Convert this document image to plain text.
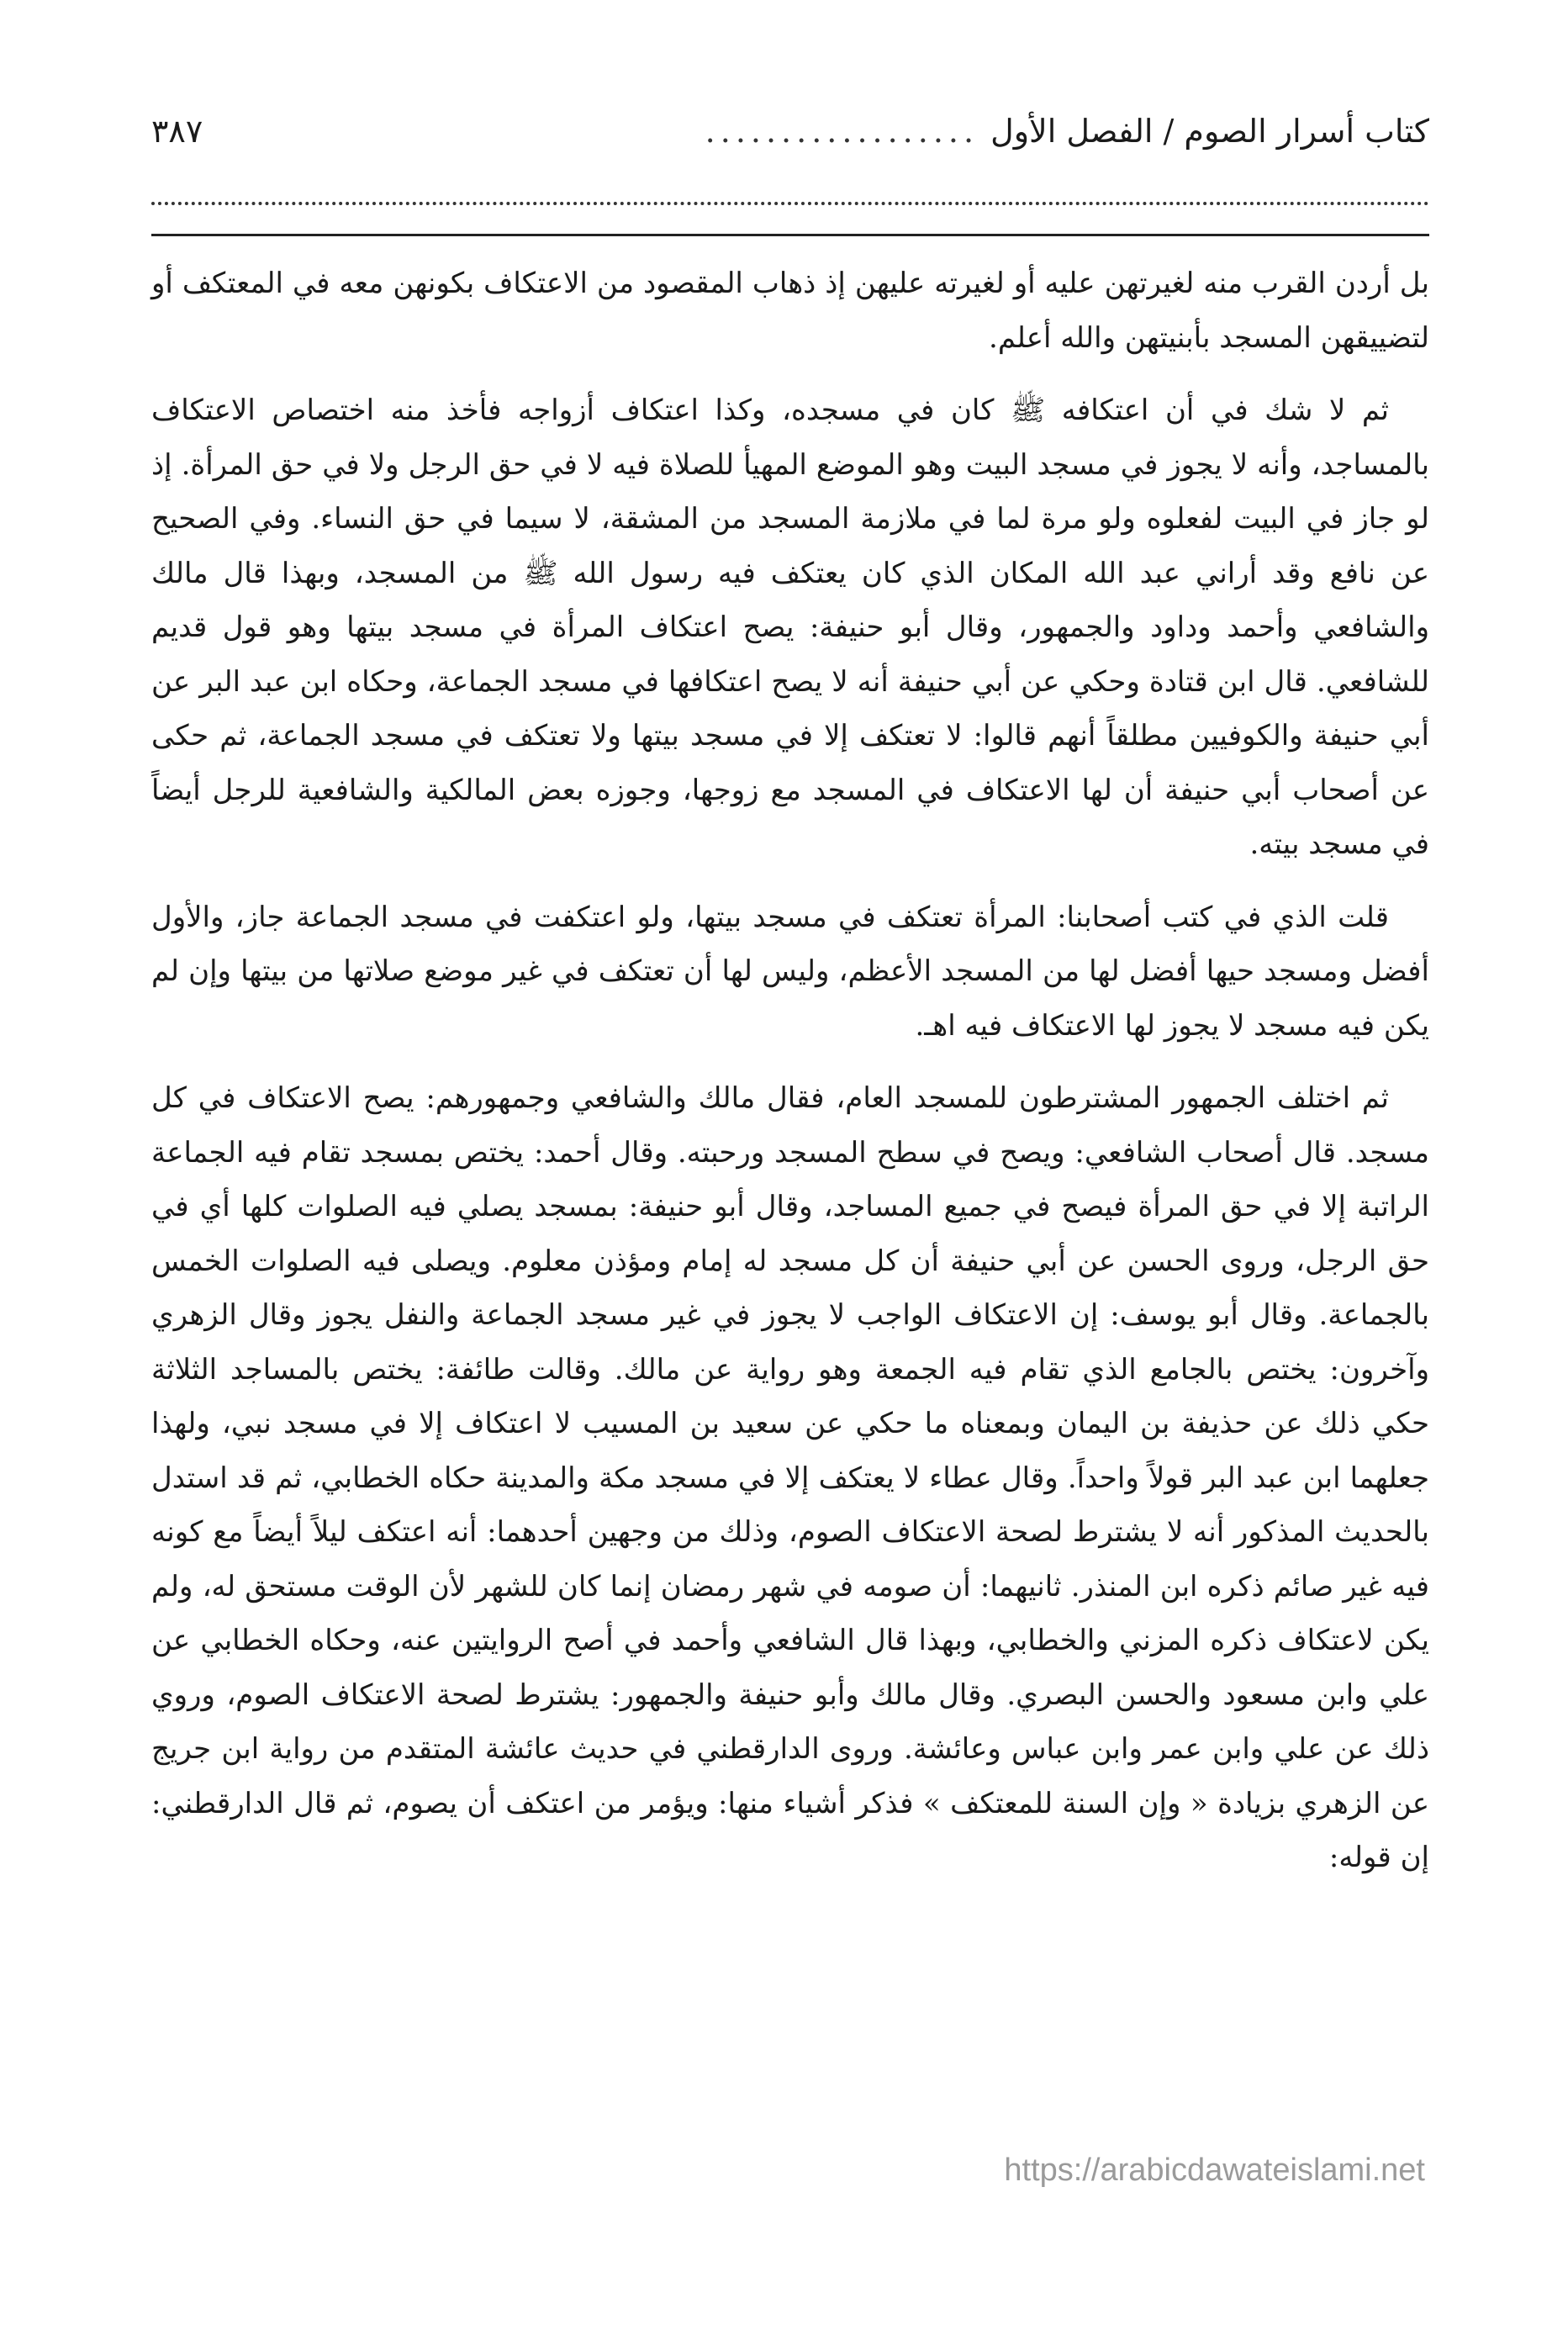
كتاب أسرار الصوم / الفصل الأول
..................
٣٨٧

بل أردن القرب منه لغيرتهن عليه أو لغيرته عليهن إذ ذهاب المقصود من الاعتكاف بكونهن معه في المعتكف أو لتضييقهن المسجد بأبنيتهن والله أعلم.

ثم لا شك في أن اعتكافه ﷺ كان في مسجده، وكذا اعتكاف أزواجه فأخذ منه اختصاص الاعتكاف بالمساجد، وأنه لا يجوز في مسجد البيت وهو الموضع المهيأ للصلاة فيه لا في حق الرجل ولا في حق المرأة. إذ لو جاز في البيت لفعلوه ولو مرة لما في ملازمة المسجد من المشقة، لا سيما في حق النساء. وفي الصحيح عن نافع وقد أراني عبد الله المكان الذي كان يعتكف فيه رسول الله ﷺ من المسجد، وبهذا قال مالك والشافعي وأحمد وداود والجمهور، وقال أبو حنيفة: يصح اعتكاف المرأة في مسجد بيتها وهو قول قديم للشافعي. قال ابن قتادة وحكي عن أبي حنيفة أنه لا يصح اعتكافها في مسجد الجماعة، وحكاه ابن عبد البر عن أبي حنيفة والكوفيين مطلقاً أنهم قالوا: لا تعتكف إلا في مسجد بيتها ولا تعتكف في مسجد الجماعة، ثم حكى عن أصحاب أبي حنيفة أن لها الاعتكاف في المسجد مع زوجها، وجوزه بعض المالكية والشافعية للرجل أيضاً في مسجد بيته.

قلت الذي في كتب أصحابنا: المرأة تعتكف في مسجد بيتها، ولو اعتكفت في مسجد الجماعة جاز، والأول أفضل ومسجد حيها أفضل لها من المسجد الأعظم، وليس لها أن تعتكف في غير موضع صلاتها من بيتها وإن لم يكن فيه مسجد لا يجوز لها الاعتكاف فيه اهـ.

ثم اختلف الجمهور المشترطون للمسجد العام، فقال مالك والشافعي وجمهورهم: يصح الاعتكاف في كل مسجد. قال أصحاب الشافعي: ويصح في سطح المسجد ورحبته. وقال أحمد: يختص بمسجد تقام فيه الجماعة الراتبة إلا في حق المرأة فيصح في جميع المساجد، وقال أبو حنيفة: بمسجد يصلي فيه الصلوات كلها أي في حق الرجل، وروى الحسن عن أبي حنيفة أن كل مسجد له إمام ومؤذن معلوم. ويصلى فيه الصلوات الخمس بالجماعة. وقال أبو يوسف: إن الاعتكاف الواجب لا يجوز في غير مسجد الجماعة والنفل يجوز وقال الزهري وآخرون: يختص بالجامع الذي تقام فيه الجمعة وهو رواية عن مالك. وقالت طائفة: يختص بالمساجد الثلاثة حكي ذلك عن حذيفة بن اليمان وبمعناه ما حكي عن سعيد بن المسيب لا اعتكاف إلا في مسجد نبي، ولهذا جعلهما ابن عبد البر قولاً واحداً. وقال عطاء لا يعتكف إلا في مسجد مكة والمدينة حكاه الخطابي، ثم قد استدل بالحديث المذكور أنه لا يشترط لصحة الاعتكاف الصوم، وذلك من وجهين أحدهما: أنه اعتكف ليلاً أيضاً مع كونه فيه غير صائم ذكره ابن المنذر. ثانيهما: أن صومه في شهر رمضان إنما كان للشهر لأن الوقت مستحق له، ولم يكن لاعتكاف ذكره المزني والخطابي، وبهذا قال الشافعي وأحمد في أصح الروايتين عنه، وحكاه الخطابي عن علي وابن مسعود والحسن البصري. وقال مالك وأبو حنيفة والجمهور: يشترط لصحة الاعتكاف الصوم، وروي ذلك عن علي وابن عمر وابن عباس وعائشة. وروى الدارقطني في حديث عائشة المتقدم من رواية ابن جريج عن الزهري بزيادة « وإن السنة للمعتكف » فذكر أشياء منها: ويؤمر من اعتكف أن يصوم، ثم قال الدارقطني: إن قوله:

https://arabicdawateislami.net
